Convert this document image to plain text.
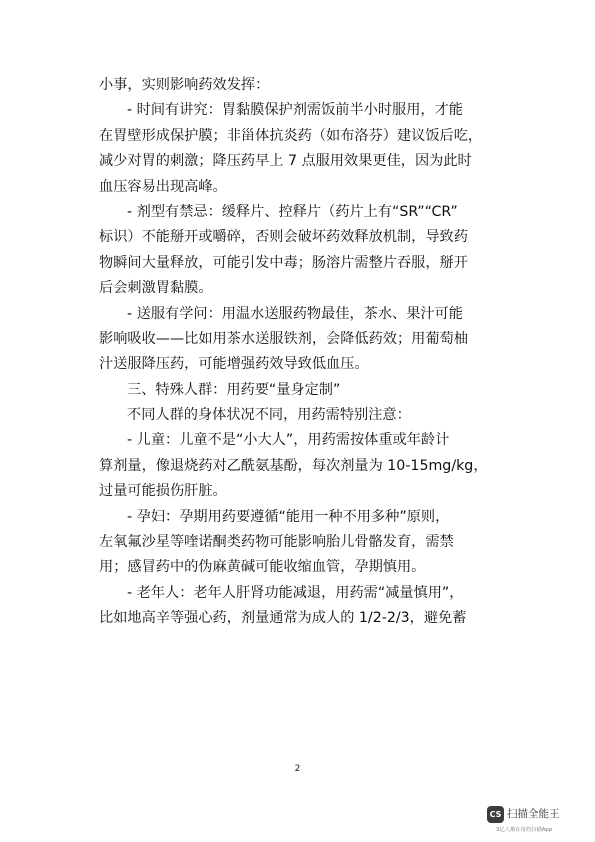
小事，实则影响药效发挥：
- 时间有讲究：胃黏膜保护剂需饭前半小时服用，才能
在胃壁形成保护膜；非甾体抗炎药（如布洛芬）建议饭后吃，
减少对胃的刺激；降压药早上 7 点服用效果更佳，因为此时
血压容易出现高峰。
- 剂型有禁忌：缓释片、控释片（药片上有“SR”“CR”
标识）不能掰开或嚼碎，否则会破坏药效释放机制，导致药
物瞬间大量释放，可能引发中毒；肠溶片需整片吞服，掰开
后会刺激胃黏膜。
- 送服有学问：用温水送服药物最佳，茶水、果汁可能
影响吸收——比如用茶水送服铁剂，会降低药效；用葡萄柚
汁送服降压药，可能增强药效导致低血压。
三、特殊人群：用药要“量身定制”
不同人群的身体状况不同，用药需特别注意：
- 儿童：儿童不是“小大人”，用药需按体重或年龄计
算剂量，像退烧药对乙酰氨基酚，每次剂量为 10-15mg/kg，
过量可能损伤肝脏。
- 孕妇：孕期用药要遵循“能用一种不用多种”原则，
左氧氟沙星等喹诺酮类药物可能影响胎儿骨骼发育，需禁
用；感冒药中的伪麻黄碱可能收缩血管，孕期慎用。
- 老年人：老年人肝肾功能减退，用药需“减量慎用”，
比如地高辛等强心药，剂量通常为成人的 1/2-2/3，避免蓄
2
CS 扫描全能王
3亿人都在用的扫描App
